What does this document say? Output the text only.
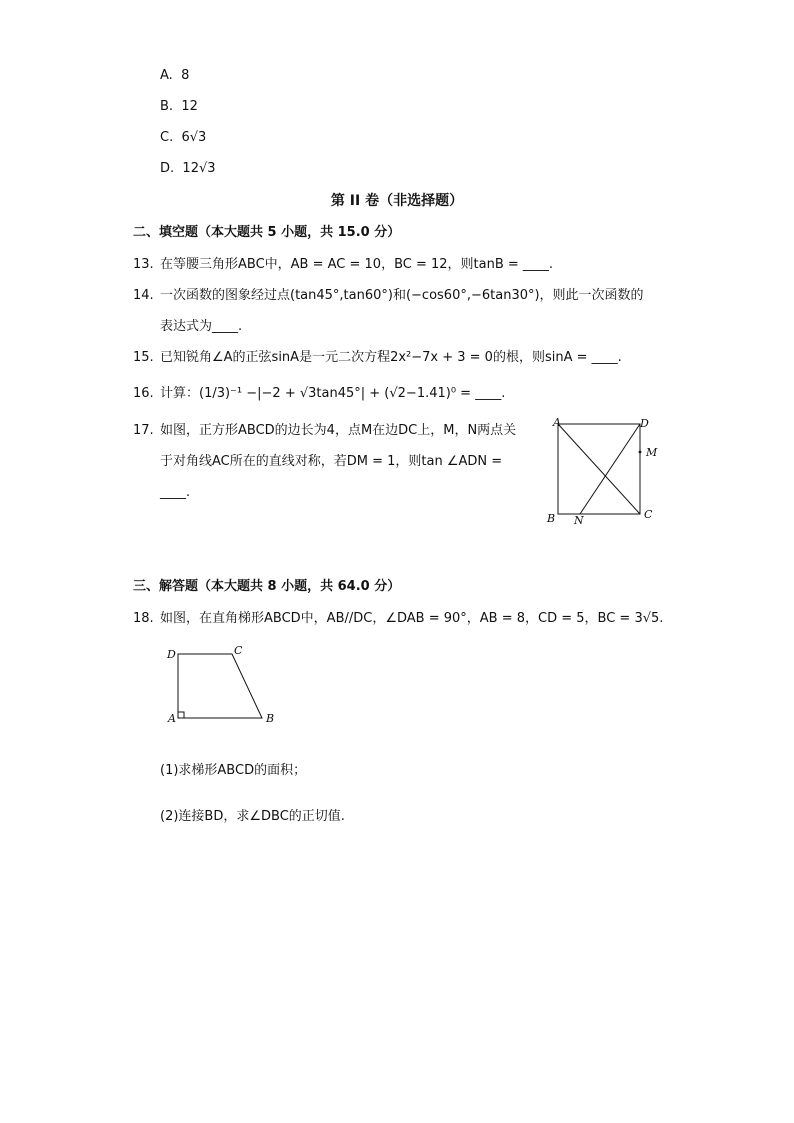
A. 8
B. 12
C. 6√3
D. 12√3
第 II 卷（非选择题）
二、填空题（本大题共 5 小题，共 15.0 分）
13. 在等腰三角形ABC中，AB = AC = 10，BC = 12，则tanB = ____.
14. 一次函数的图象经过点(tan45°,tan60°)和(−cos60°,−6tan30°)，则此一次函数的
表达式为____.
15. 已知锐角∠A的正弦sinA是一元二次方程2x²−7x + 3 = 0的根，则sinA = ____.
16. 计算：(1/3)⁻¹ −|−2 + √3tan45°| + (√2−1.41)⁰ = ____.
17. 如图，正方形ABCD的边长为4，点M在边DC上，M，N两点关
于对角线AC所在的直线对称，若DM = 1，则tan ∠ADN =
____.
A	D
M
B N	C
三、解答题（本大题共 8 小题，共 64.0 分）
18. 如图，在直角梯形ABCD中，AB//DC，∠DAB = 90°，AB = 8，CD = 5，BC = 3√5.
D	C
A	B
(1)求梯形ABCD的面积；
(2)连接BD，求∠DBC的正切值.
